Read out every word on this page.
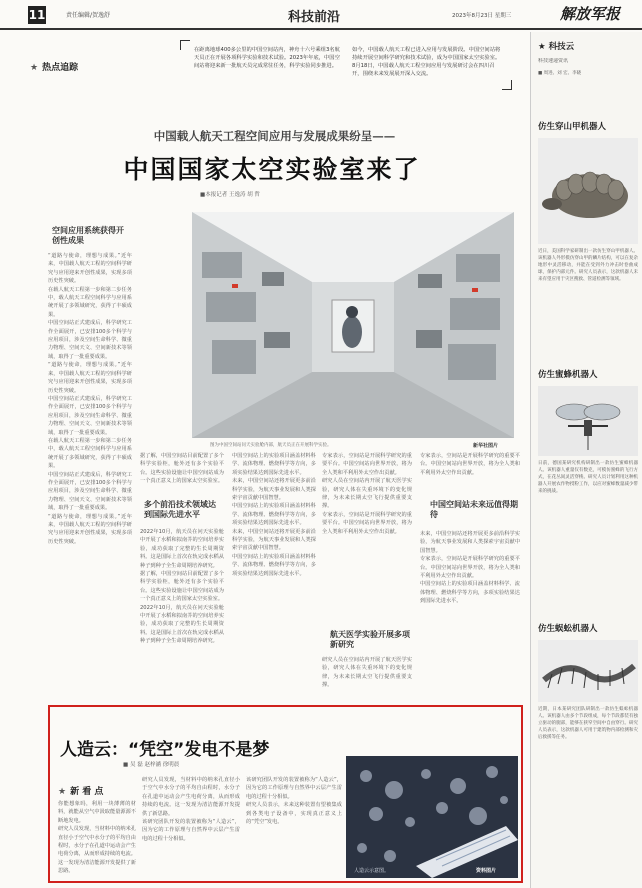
11	责任编辑/贺逸舒	科技前沿	2023年8月23日 星期三	解放军报
在距离地球400多公里的中国空间站内，神舟十六号乘组3名航天员正在开展各项科学实验和技术试验。2023年年底，中国空间站将迎来新一批航天员完成常驻任务，科学实验同步推进。
如今，中国载人航天工程已进入应用与发展阶段。中国空间站将持续开展空间科学研究和技术试验，成为中国国家太空实验室。8月18日，中国载人航天工程空间应用与发展研讨会在四川召开，围绕未来发展展开深入交流。
★ 热点追踪
中国载人航天工程空间应用与发展成果纷呈——
中国国家太空实验室来了
■本报记者 王逸涛 胡 哲
空间应用系统获得开创性成果

“道路与使命，理想与成果。”近年来，中国载人航天工程的空间科学研究与应用迎来开创性成果，实现多项历史性突破。

在载人航天工程第一步和第二步任务中，载人航天工程空间科学与应用系统开展了多领域研究，获得了丰硕成果。

中国空间站正式建成后，科学研究工作全面展开，已安排100多个科学与应用项目，涉及空间生命科学、微重力物理、空间天文、空间新技术等领域，取得了一批重要成果。

“道路与使命，理想与成果。”近年来，中国载人航天工程的空间科学研究与应用迎来开创性成果，实现多项历史性突破。

中国空间站正式建成后，科学研究工作全面展开，已安排100多个科学与应用项目，涉及空间生命科学、微重力物理、空间天文、空间新技术等领域，取得了一批重要成果。

在载人航天工程第一步和第二步任务中，载人航天工程空间科学与应用系统开展了多领域研究，获得了丰硕成果。

中国空间站正式建成后，科学研究工作全面展开，已安排100多个科学与应用项目，涉及空间生命科学、微重力物理、空间天文、空间新技术等领域，取得了一批重要成果。

“道路与使命，理想与成果。”近年来，中国载人航天工程的空间科学研究与应用迎来开创性成果，实现多项历史性突破。

图为中国空间站问天实验舱内部，航天员正在开展科学实验。	新华社图片

据了解，中国空间站目前配置了多个科学实验柜，舱外还有多个实验平台。这些实验设施让中国空间站成为一个真正意义上的国家太空实验室。

多个前沿技术领域达到国际先进水平

2022年10月，航天员在问天实验舱中开展了水稻和拟南芥的空间培养实验，成功获取了完整的生长周期资料。这是国际上首次在轨完成水稻从种子到种子全生命周期培养研究。

据了解，中国空间站目前配置了多个科学实验柜，舱外还有多个实验平台。这些实验设施让中国空间站成为一个真正意义上的国家太空实验室。

2022年10月，航天员在问天实验舱中开展了水稻和拟南芥的空间培养实验，成功获取了完整的生长周期资料。这是国际上首次在轨完成水稻从种子到种子全生命周期培养研究。

中国空间站上的实验项目涵盖材料科学、流体物理、燃烧科学等方向，多项实验结果达到国际先进水平。

未来，中国空间站还将开展更多前沿科学实验，为航天事业发展和人类探索宇宙贡献中国智慧。

中国空间站上的实验项目涵盖材料科学、流体物理、燃烧科学等方向，多项实验结果达到国际先进水平。

未来，中国空间站还将开展更多前沿科学实验，为航天事业发展和人类探索宇宙贡献中国智慧。

中国空间站上的实验项目涵盖材料科学、流体物理、燃烧科学等方向，多项实验结果达到国际先进水平。

专家表示，空间站是开展科学研究的重要平台。中国空间站向世界开放，将为全人类和平利用外太空作出贡献。

研究人员在空间站内开展了航天医学实验，研究人体在失重环境下的变化规律，为未来长期太空飞行提供重要支撑。

专家表示，空间站是开展科学研究的重要平台。中国空间站向世界开放，将为全人类和平利用外太空作出贡献。

航天医学实验开展多项新研究

研究人员在空间站内开展了航天医学实验，研究人体在失重环境下的变化规律，为未来长期太空飞行提供重要支撑。

专家表示，空间站是开展科学研究的重要平台。中国空间站向世界开放，将为全人类和平利用外太空作出贡献。

中国空间站未来远值得期待

未来，中国空间站还将开展更多前沿科学实验，为航天事业发展和人类探索宇宙贡献中国智慧。

专家表示，空间站是开展科学研究的重要平台。中国空间站向世界开放，将为全人类和平利用外太空作出贡献。

中国空间站上的实验项目涵盖材料科学、流体物理、燃烧科学等方向，多项实验结果达到国际先进水平。

人造云：“凭空”发电不是梦
■ 吴 磊 赵梓涵 徐明晨
★ 新 看 点

你能想象吗，利用一块薄薄的材料，就能从空气中汲取能量源源不断地发电。

研究人员发现，当材料中的纳米孔直径小于空气中水分子的平均自由程时，水分子在孔道中运动会产生电荷分离，从而形成持续的电流。这一发现为清洁能源开发提供了新思路。

研究人员发现，当材料中的纳米孔直径小于空气中水分子的平均自由程时，水分子在孔道中运动会产生电荷分离，从而形成持续的电流。这一发现为清洁能源开发提供了新思路。

该研究团队开发的装置被称为“人造云”，因为它的工作原理与自然界中云层产生雷电的过程十分相似。

该研究团队开发的装置被称为“人造云”，因为它的工作原理与自然界中云层产生雷电的过程十分相似。

研究人员表示，未来这种装置有望被集成到各类电子设备中，实现真正意义上的“凭空”发电。

人造云示意图。	资料图片
★ 科技云
科技速递资讯
■ 周进、刘 宏、李晓
仿生穿山甲机器人
近日，美国科学家研制出一款仿生穿山甲机器人。该机器人外形模仿穿山甲的鳞片结构，可以在复杂地形中灵活移动，并能在受到外力冲击时卷曲成球，保护内部元件。研究人员表示，这款机器人未来有望应用于灾区搜救、管道检测等领域。
仿生蜜蜂机器人
日前，德国某研究机构研制出一款仿生蜜蜂机器人。该机器人重量仅有数克，可模仿蜜蜂的飞行方式，在花丛间灵活穿梭。研究人员计划利用这种机器人开展农作物授粉工作，以应对蜜蜂数量减少带来的挑战。
仿生蜈蚣机器人
近期，日本某研究团队研制出一款仿生蜈蚣机器人。该机器人由多个节段组成，每个节段都装有独立驱动的腿部，能够在狭窄空间中自由穿行。研究人员表示，这款机器人可用于建筑物内部检测和灾后救援等任务。
